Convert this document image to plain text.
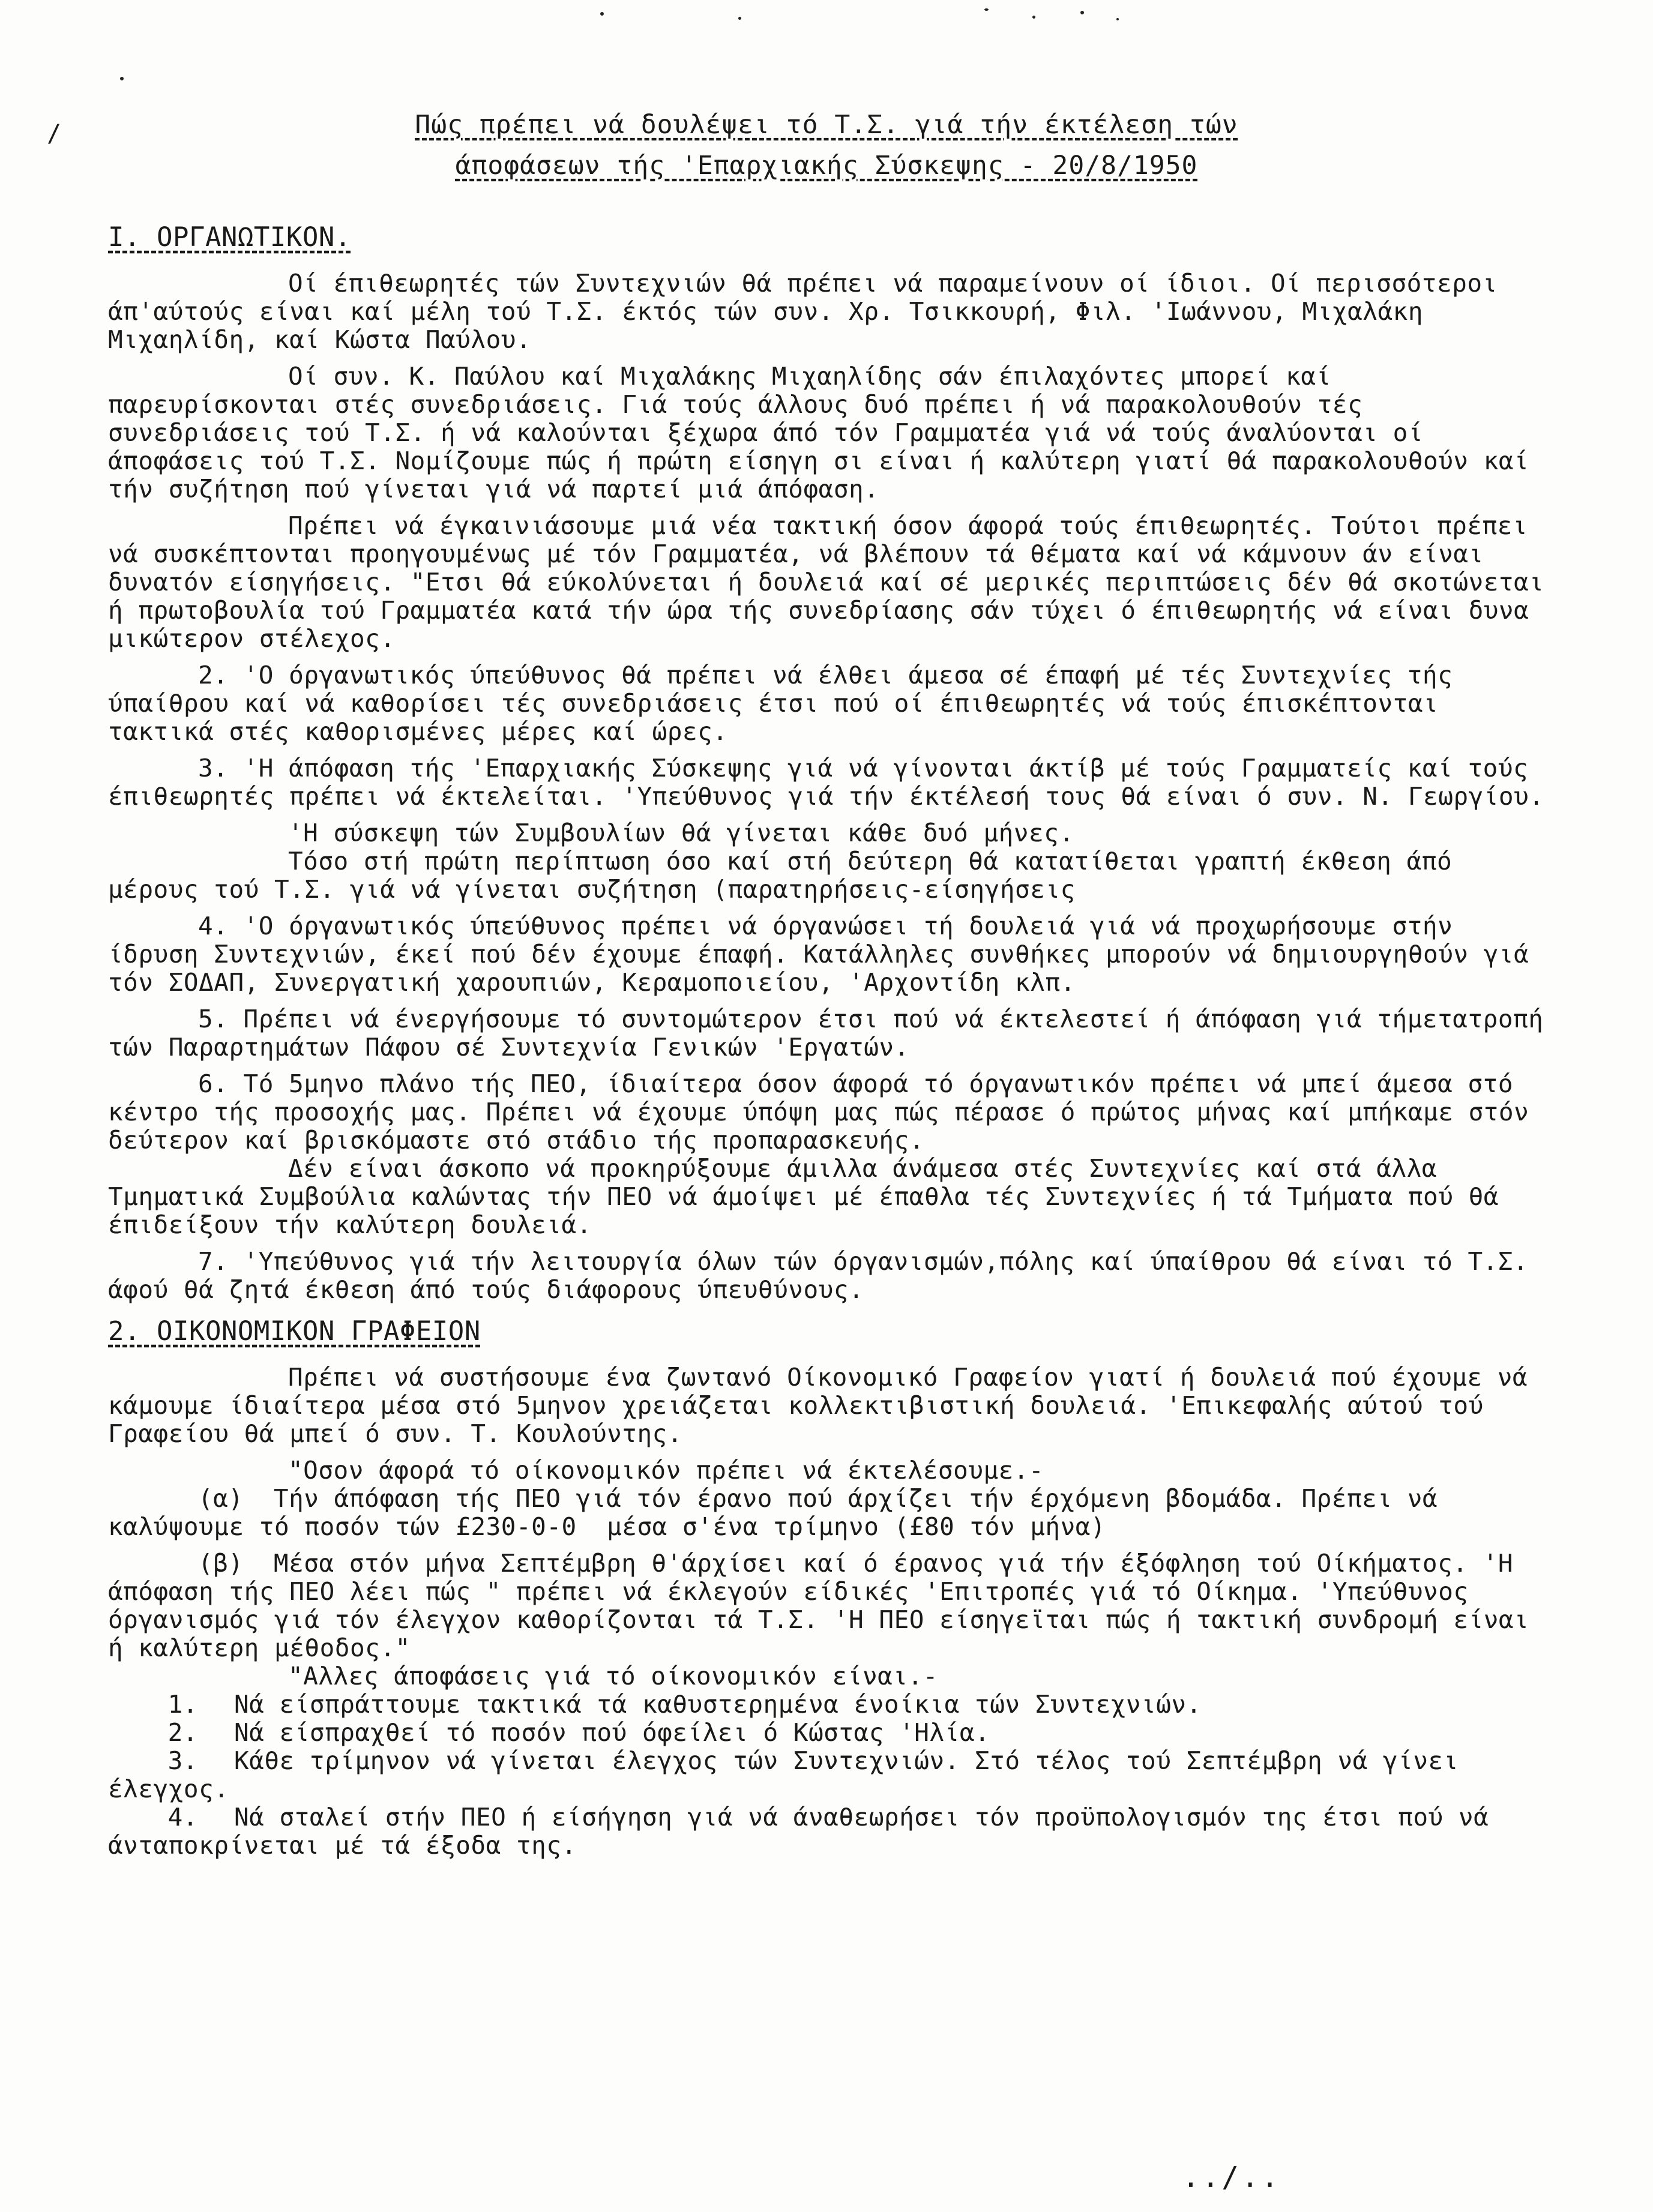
/	Πώς πρέπει νά δουλέψει τό Τ.Σ. γιά τήν έκτέλεση τών
άποφάσεων τής 'Επαρχιακής Σύσκεψης - 20/8/1950
Ι. ΟΡΓΑΝΩΤΙΚΟΝ.

Οί έπιθεωρητές τών Συντεχνιών θά πρέπει νά παραμείνουν οί ίδιοι. Οί περισσότεροι άπ'αύτούς είναι καί μέλη τού Τ.Σ. έκτός τών συν. Χρ. Τσικκουρή, Φιλ. 'Ιωάννου, Μιχαλάκη Μιχαηλίδη, καί Κώστα Παύλου.

Οί συν. Κ. Παύλου καί Μιχαλάκης Μιχαηλίδης σάν έπιλαχόντες μπορεί καί παρευρίσκονται στές συνεδριάσεις. Γιά τούς άλλους δυό πρέπει ή νά παρακολουθούν τές συνεδριάσεις τού Τ.Σ. ή νά καλούνται ξέχωρα άπό τόν Γραμματέα γιά νά τούς άναλύονται οί άποφάσεις τού Τ.Σ. Νομίζουμε πώς ή πρώτη είσηγη σι είναι ή καλύτερη γιατί θά παρακολουθούν καί τήν συζήτηση πού γίνεται γιά νά παρτεί μιά άπόφαση.

Πρέπει νά έγκαινιάσουμε μιά νέα τακτική όσον άφορά τούς έπιθεωρητές. Τούτοι πρέπει νά συσκέπτονται προηγουμένως μέ τόν Γραμματέα, νά βλέπουν τά θέματα καί νά κάμνουν άν είναι δυνατόν είσηγήσεις. "Ετσι θά εύκολύνεται ή δουλειά καί σέ μερικές περιπτώσεις δέν θά σκοτώνεται ή πρωτοβουλία τού Γραμματέα κατά τήν ώρα τής συνεδρίασης σάν τύχει ό έπιθεωρητής νά είναι δυνα μικώτερον στέλεχος.

2. 'Ο όργανωτικός ύπεύθυνος θά πρέπει νά έλθει άμεσα σέ έπαφή μέ τές Συντεχνίες τής ύπαίθρου καί νά καθορίσει τές συνεδριάσεις έτσι πού οί έπιθεωρητές νά τούς έπισκέπτονται τακτικά στές καθορισμένες μέρες καί ώρες.

3. 'Η άπόφαση τής 'Επαρχιακής Σύσκεψης γιά νά γίνονται άκτίβ μέ τούς Γραμματείς καί τούς έπιθεωρητές πρέπει νά έκτελείται. 'Υπεύθυνος γιά τήν έκτέλεσή τους θά είναι ό συν. Ν. Γεωργίου.

'Η σύσκεψη τών Συμβουλίων θά γίνεται κάθε δυό μήνες.

Τόσο στή πρώτη περίπτωση όσο καί στή δεύτερη θά κατατίθεται γραπτή έκθεση άπό μέρους τού Τ.Σ. γιά νά γίνεται συζήτηση (παρατηρήσεις-είσηγήσεις

4. 'Ο όργανωτικός ύπεύθυνος πρέπει νά όργανώσει τή δουλειά γιά νά προχωρήσουμε στήν ίδρυση Συντεχνιών, έκεί πού δέν έχουμε έπαφή. Κατάλληλες συνθήκες μπορούν νά δημιουργηθούν γιά τόν ΣΟΔΑΠ, Συνεργατική χαρουπιών, Κεραμοποιείου, 'Αρχοντίδη κλπ.

5. Πρέπει νά ένεργήσουμε τό συντομώτερον έτσι πού νά έκτελεστεί ή άπόφαση γιά τήμετατροπή τών Παραρτημάτων Πάφου σέ Συντεχνία Γενικών 'Εργατών.

6. Τό 5μηνο πλάνο τής ΠΕΟ, ίδιαίτερα όσον άφορά τό όργανωτικόν πρέπει νά μπεί άμεσα στό κέντρο τής προσοχής μας. Πρέπει νά έχουμε ύπόψη μας πώς πέρασε ό πρώτος μήνας καί μπήκαμε στόν δεύτερον καί βρισκόμαστε στό στάδιο τής προπαρασκευής.

Δέν είναι άσκοπο νά προκηρύξουμε άμιλλα άνάμεσα στές Συντεχνίες καί στά άλλα Τμηματικά Συμβούλια καλώντας τήν ΠΕΟ νά άμοίψει μέ έπαθλα τές Συντεχνίες ή τά Τμήματα πού θά έπιδείξουν τήν καλύτερη δουλειά.

7. 'Υπεύθυνος γιά τήν λειτουργία όλων τών όργανισμών,πόλης καί ύπαίθρου θά είναι τό Τ.Σ. άφού θά ζητά έκθεση άπό τούς διάφορους ύπευθύνους.

2. ΟΙΚΟΝΟΜΙΚΟΝ ΓΡΑΦΕΙΟΝ

Πρέπει νά συστήσουμε ένα ζωντανό Οίκονομικό Γραφείον γιατί ή δουλειά πού έχουμε νά κάμουμε ίδιαίτερα μέσα στό 5μηνον χρειάζεται κολλεκτιβιστική δουλειά. 'Επικεφαλής αύτού τού Γραφείου θά μπεί ό συν. Τ. Κουλούντης.

"Οσον άφορά τό οίκονομικόν πρέπει νά έκτελέσουμε.-

(α)  Τήν άπόφαση τής ΠΕΟ γιά τόν έρανο πού άρχίζει τήν έρχόμενη βδομάδα. Πρέπει νά καλύψουμε τό ποσόν τών £230-0-0  μέσα σ'ένα τρίμηνο (£80 τόν μήνα)

(β)  Μέσα στόν μήνα Σεπτέμβρη θ'άρχίσει καί ό έρανος γιά τήν έξόφληση τού Οίκήματος. 'Η  άπόφαση τής ΠΕΟ λέει πώς " πρέπει νά έκλεγούν είδικές 'Επιτροπές γιά τό Οίκημα. 'Υπεύθυνος όργανισμός γιά τόν έλεγχον καθορίζονται τά Τ.Σ. 'Η ΠΕΟ είσηγεϊται πώς ή τακτική συνδρομή είναι ή καλύτερη μέθοδος."

"Αλλες άποφάσεις γιά τό οίκονομικόν είναι.-

1. Νά είσπράττουμε τακτικά τά καθυστερημένα ένοίκια τών Συντεχνιών.

2. Νά είσπραχθεί τό ποσόν πού όφείλει ό Κώστας 'Ηλία.

3. Κάθε τρίμηνον νά γίνεται έλεγχος τών Συντεχνιών. Στό τέλος τού Σεπτέμβρη νά γίνει έλεγχος.

4. Νά σταλεί στήν ΠΕΟ ή είσήγηση γιά νά άναθεωρήσει τόν προϋπολογισμόν της έτσι πού νά άνταποκρίνεται μέ τά έξοδα της.

../..
